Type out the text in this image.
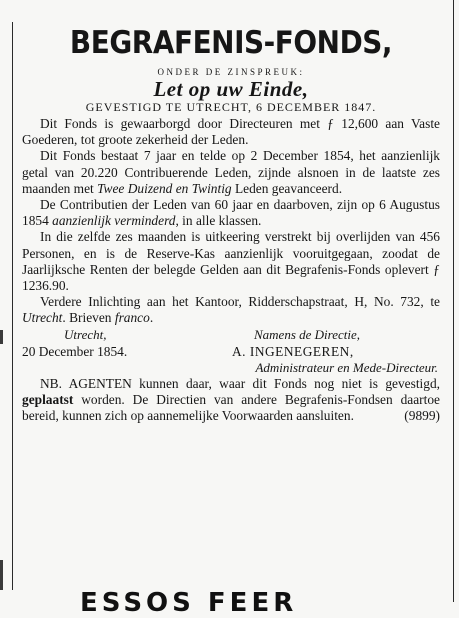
BEGRAFENIS-FONDS,
ONDER DE ZINSPREUK:
Let op uw Einde,
GEVESTIGD TE UTRECHT, 6 DECEMBER 1847.

Dit Fonds is gewaarborgd door Directeuren met ƒ 12,600 aan Vaste Goederen, tot groote zekerheid der Leden.

Dit Fonds bestaat 7 jaar en telde op 2 December 1854, het aanzienlijk getal van 20.220 Contribuerende Leden, zijnde alsnoen in de laatste zes maanden met Twee Duizend en Twintig Leden geavanceerd.

De Contributien der Leden van 60 jaar en daarboven, zijn op 6 Augustus 1854 aanzienlijk verminderd, in alle klassen.

In die zelfde zes maanden is uitkeering verstrekt bij overlijden van 456 Personen, en is de Reserve-Kas aanzienlijk vooruitgegaan, zoodat de Jaarlijksche Renten der belegde Gelden aan dit Begrafenis-Fonds oplevert ƒ 1236.90.

Verdere Inlichting aan het Kantoor, Ridderschapstraat, H, No. 732, te Utrecht. Brieven franco.

Utrecht,	Namens de Directie,
20 December 1854.	A. INGENEGEREN,
Administrateur en Mede-Directeur.

NB. AGENTEN kunnen daar, waar dit Fonds nog niet is gevestigd, geplaatst worden. De Directien van andere Begrafenis-Fondsen daartoe bereid, kunnen zich op aannemelijke Voorwaarden aansluiten.	(9899)

ESSOS FEER
